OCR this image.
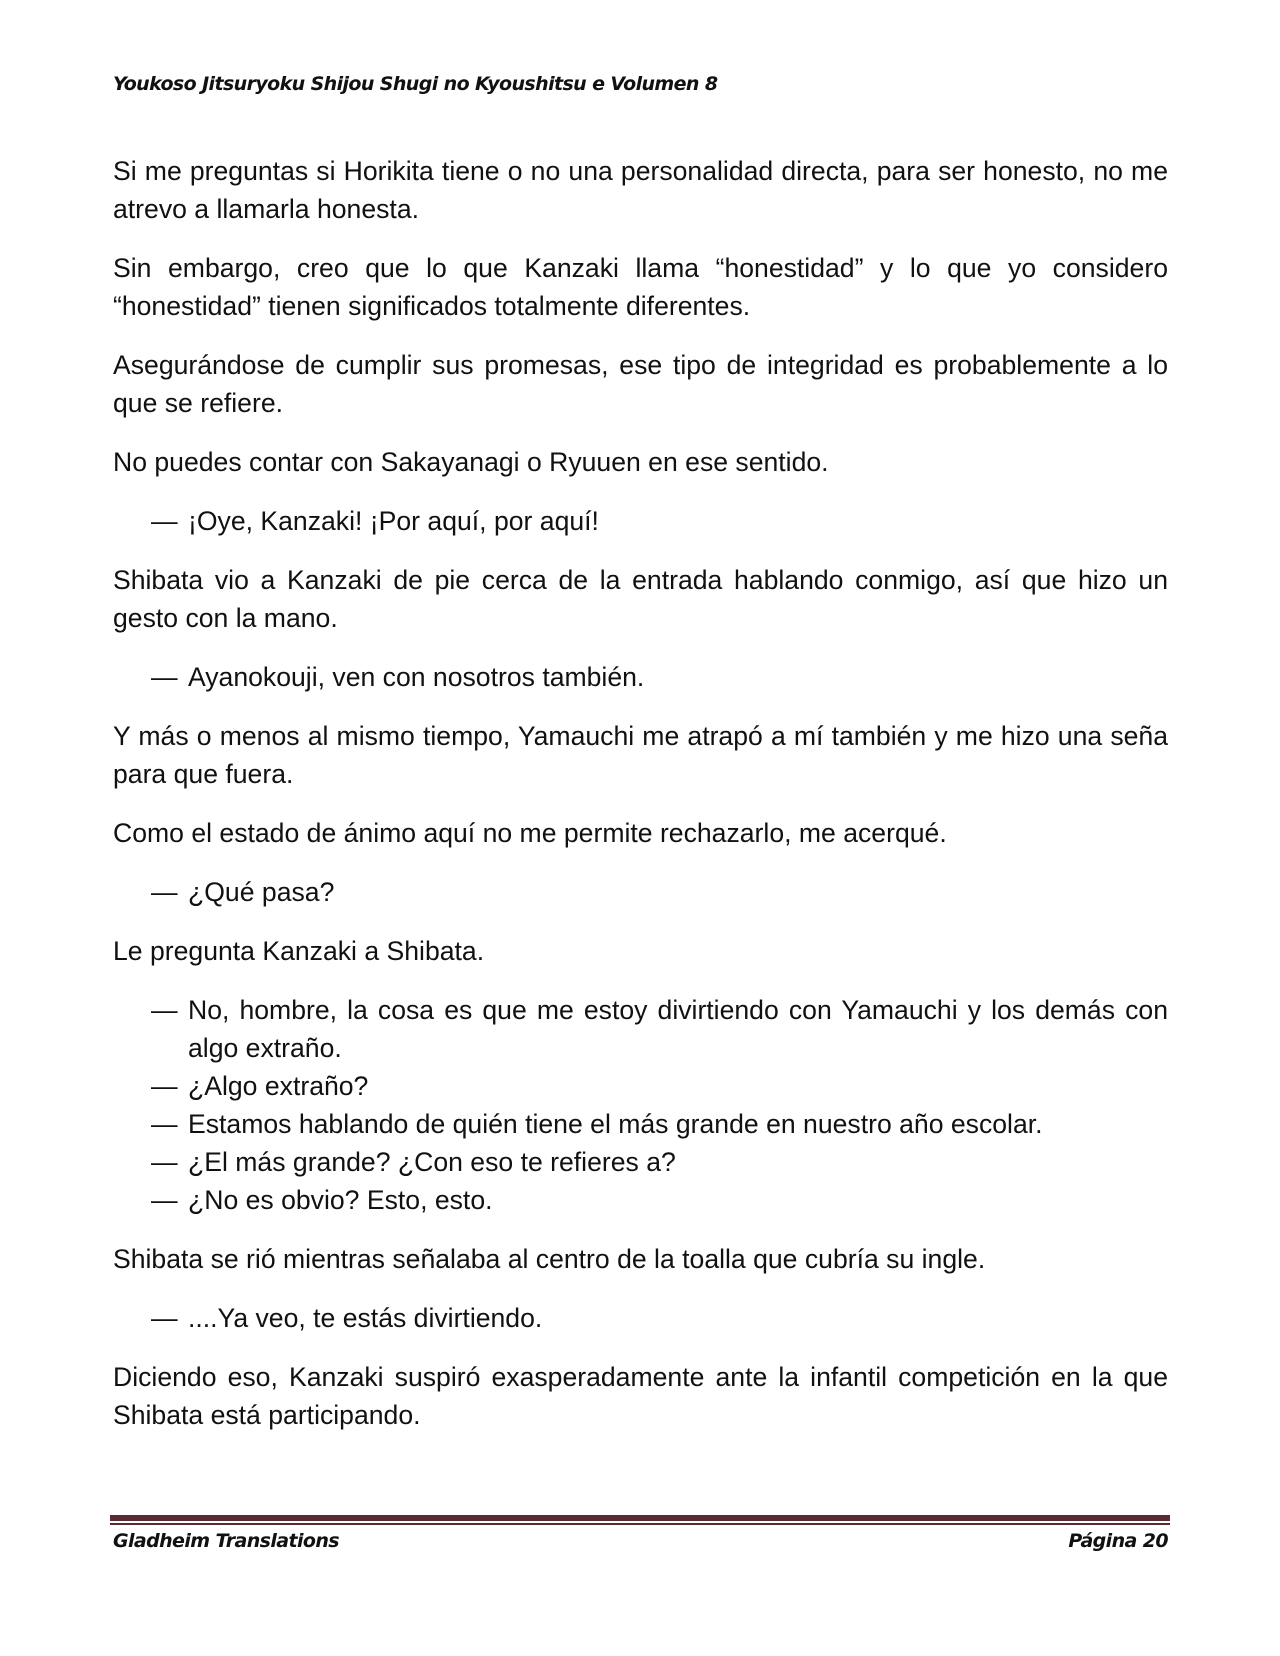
Youkoso Jitsuryoku Shijou Shugi no Kyoushitsu e Volumen 8

Si me preguntas si Horikita tiene o no una personalidad directa, para ser honesto, no me atrevo a llamarla honesta.

Sin embargo, creo que lo que Kanzaki llama “honestidad” y lo que yo considero “honestidad” tienen significados totalmente diferentes.

Asegurándose de cumplir sus promesas, ese tipo de integridad es probablemente a lo que se refiere.

No puedes contar con Sakayanagi o Ryuuen en ese sentido.

— ¡Oye, Kanzaki! ¡Por aquí, por aquí!

Shibata vio a Kanzaki de pie cerca de la entrada hablando conmigo, así que hizo un gesto con la mano.

— Ayanokouji, ven con nosotros también.

Y más o menos al mismo tiempo, Yamauchi me atrapó a mí también y me hizo una seña para que fuera.

Como el estado de ánimo aquí no me permite rechazarlo, me acerqué.

— ¿Qué pasa?

Le pregunta Kanzaki a Shibata.

— No, hombre, la cosa es que me estoy divirtiendo con Yamauchi y los demás con algo extraño.

— ¿Algo extraño?

— Estamos hablando de quién tiene el más grande en nuestro año escolar.

— ¿El más grande? ¿Con eso te refieres a?

— ¿No es obvio? Esto, esto.

Shibata se rió mientras señalaba al centro de la toalla que cubría su ingle.

— ....Ya veo, te estás divirtiendo.

Diciendo eso, Kanzaki suspiró exasperadamente ante la infantil competición en la que Shibata está participando.

Gladheim Translations	Página 20
